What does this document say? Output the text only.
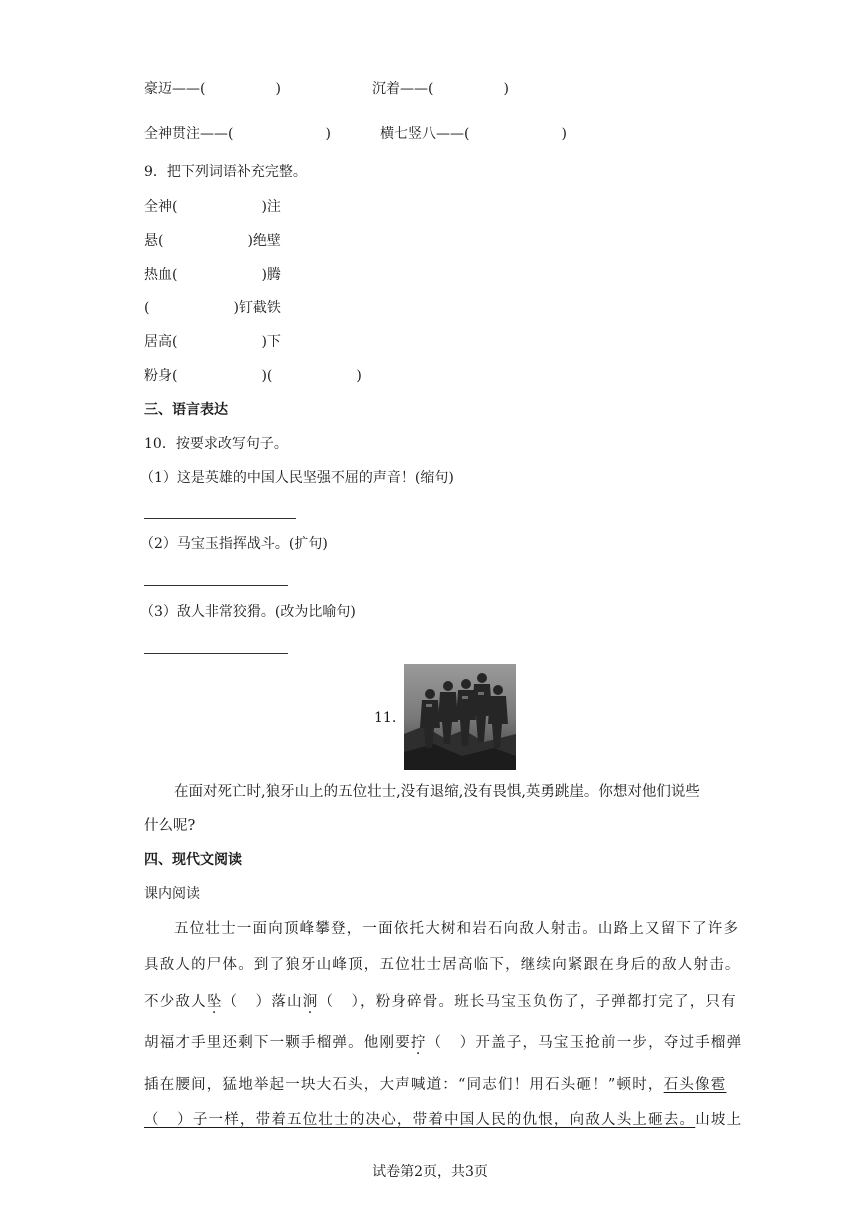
豪迈——(	)	沉着——(	)
全神贯注——(	)	横七竖八——(	)
9．把下列词语补充完整。
全神(	)注
悬(	)绝壁
热血(	)腾
(	)钉截铁
居高(	)下
粉身(	)(	)
三、语言表达
10．按要求改写句子。
（1）这是英雄的中国人民坚强不屈的声音！(缩句)
（2）马宝玉指挥战斗。(扩句)
（3）敌人非常狡猾。(改为比喻句)
11.
在面对死亡时,狼牙山上的五位壮士,没有退缩,没有畏惧,英勇跳崖。你想对他们说些
什么呢?
四、现代文阅读
课内阅读
五位壮士一面向顶峰攀登，一面依托大树和岩石向敌人射击。山路上又留下了许多
具敌人的尸体。到了狼牙山峰顶，五位壮士居高临下，继续向紧跟在身后的敌人射击。
不少敌人坠（   ）落山涧（   ），粉身碎骨。班长马宝玉负伤了，子弹都打完了，只有
胡福才手里还剩下一颗手榴弹。他刚要拧（   ）开盖子，马宝玉抢前一步，夺过手榴弹
插在腰间，猛地举起一块大石头，大声喊道：“同志们！用石头砸！”顿时，石头像雹
（   ）子一样，带着五位壮士的决心，带着中国人民的仇恨，向敌人头上砸去。山坡上
试卷第2页，共3页
